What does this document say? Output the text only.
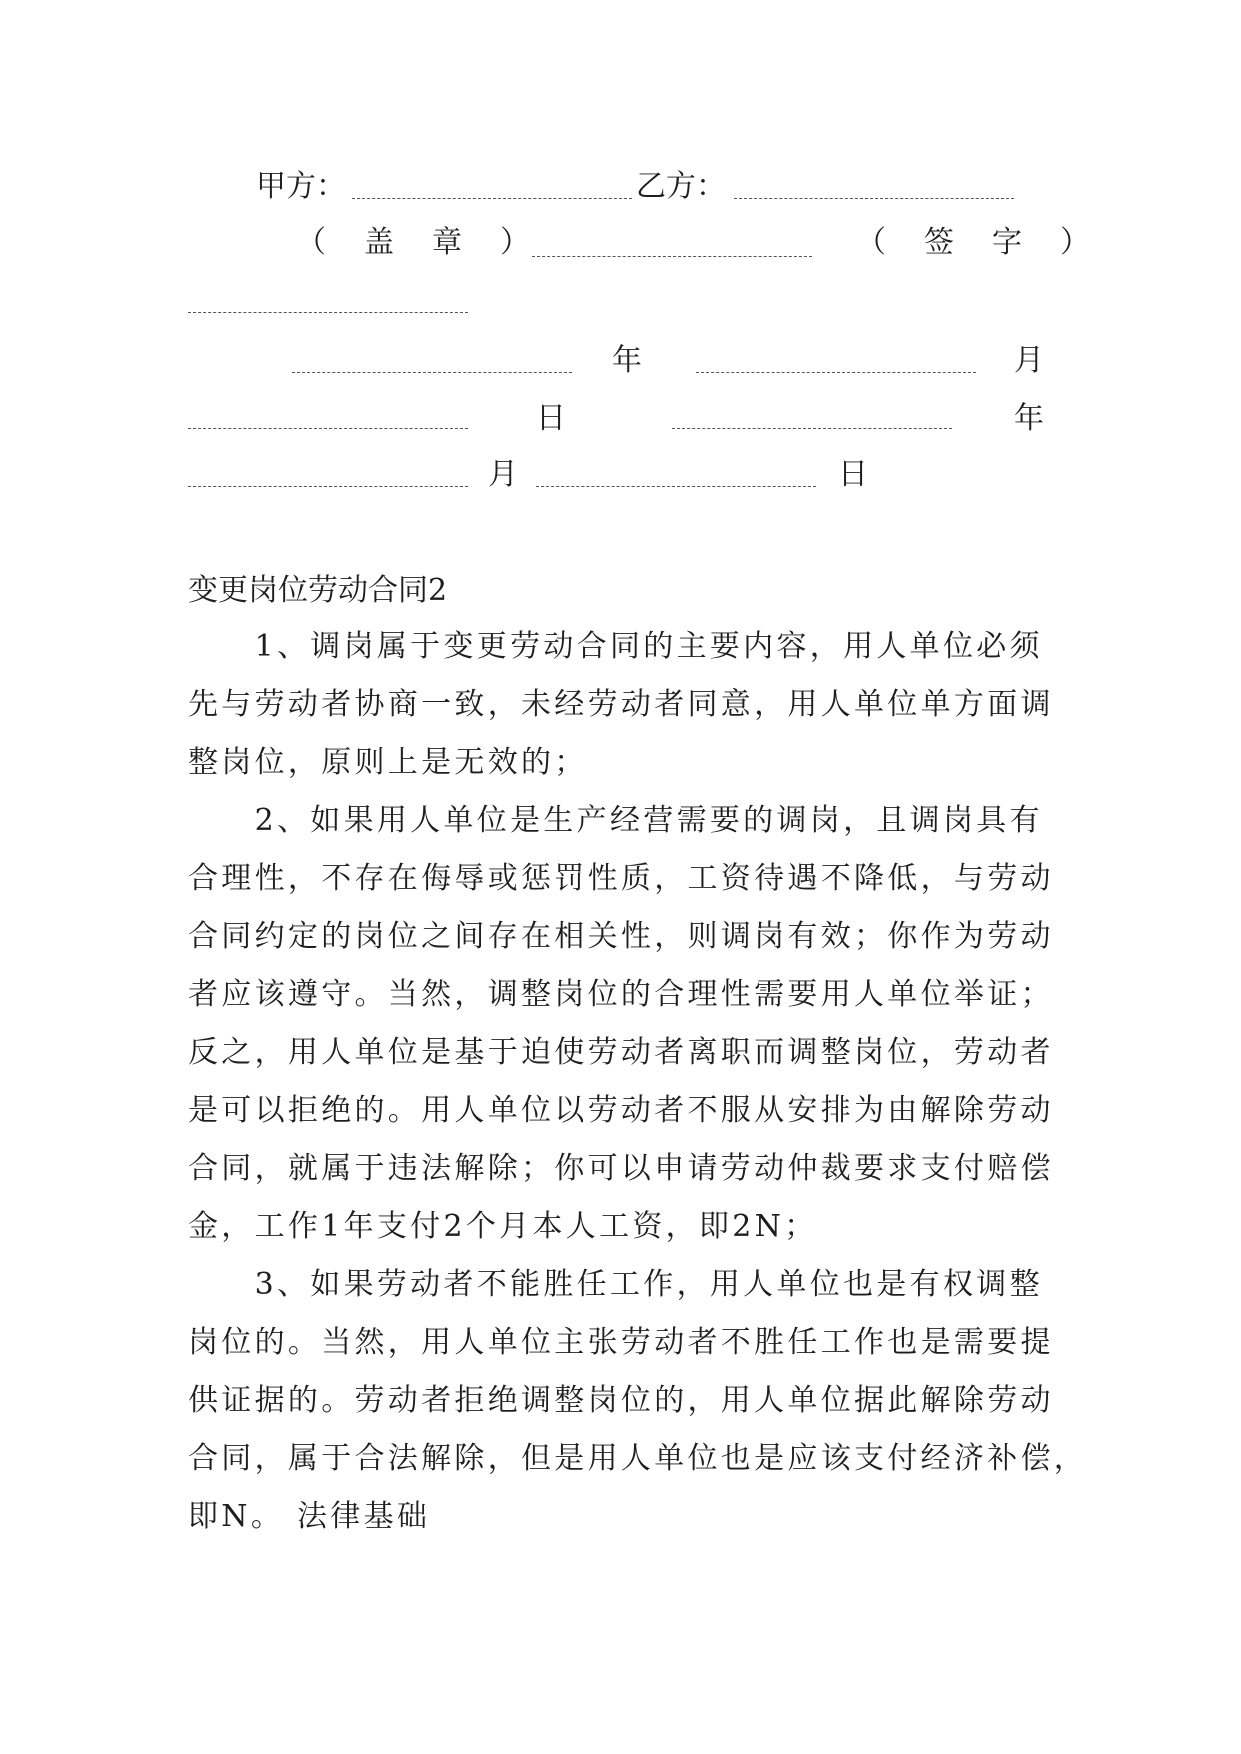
甲方：	乙方：
（　盖　章　）	（　签　字　）
年	月
日	年
月	日
变更岗位劳动合同2
　　1、调岗属于变更劳动合同的主要内容，用人单位必须
先与劳动者协商一致，未经劳动者同意，用人单位单方面调
整岗位，原则上是无效的；
　　2、如果用人单位是生产经营需要的调岗，且调岗具有
合理性，不存在侮辱或惩罚性质，工资待遇不降低，与劳动
合同约定的岗位之间存在相关性，则调岗有效；你作为劳动
者应该遵守。当然，调整岗位的合理性需要用人单位举证；
反之，用人单位是基于迫使劳动者离职而调整岗位，劳动者
是可以拒绝的。用人单位以劳动者不服从安排为由解除劳动
合同，就属于违法解除；你可以申请劳动仲裁要求支付赔偿
金，工作1年支付2个月本人工资，即2N；
　　3、如果劳动者不能胜任工作，用人单位也是有权调整
岗位的。当然，用人单位主张劳动者不胜任工作也是需要提
供证据的。劳动者拒绝调整岗位的，用人单位据此解除劳动
合同，属于合法解除，但是用人单位也是应该支付经济补偿，
即N。 法律基础
